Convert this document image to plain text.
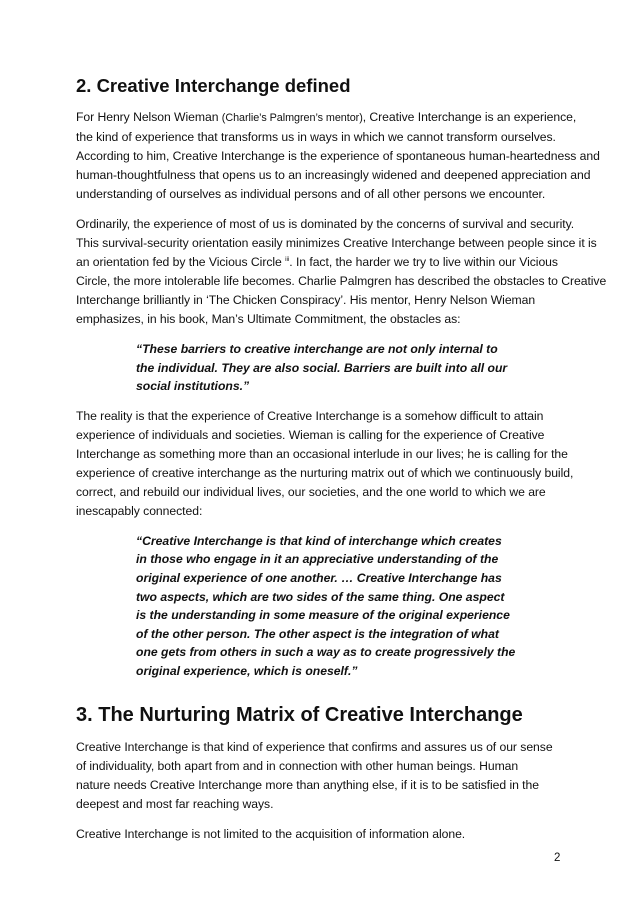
2. Creative Interchange defined

For Henry Nelson Wieman (Charlie’s Palmgren’s mentor), Creative Interchange is an experience,
the kind of experience that transforms us in ways in which we cannot transform ourselves.
According to him, Creative Interchange is the experience of spontaneous human-heartedness and
human-thoughtfulness that opens us to an increasingly widened and deepened appreciation and
understanding of ourselves as individual persons and of all other persons we encounter.

Ordinarily, the experience of most of us is dominated by the concerns of survival and security.
This survival-security orientation easily minimizes Creative Interchange between people since it is
an orientation fed by the Vicious Circle $^{iii}$. In fact, the harder we try to live within our Vicious
Circle, the more intolerable life becomes. Charlie Palmgren has described the obstacles to Creative
Interchange brilliantly in ‘The Chicken Conspiracy’. His mentor, Henry Nelson Wieman
emphasizes, in his book, Man’s Ultimate Commitment, the obstacles as:

“These barriers to creative interchange are not only internal to
the individual. They are also social. Barriers are built into all our
social institutions.”

The reality is that the experience of Creative Interchange is a somehow difficult to attain
experience of individuals and societies. Wieman is calling for the experience of Creative
Interchange as something more than an occasional interlude in our lives; he is calling for the
experience of creative interchange as the nurturing matrix out of which we continuously build,
correct, and rebuild our individual lives, our societies, and the one world to which we are
inescapably connected:

“Creative Interchange is that kind of interchange which creates
in those who engage in it an appreciative understanding of the
original experience of one another. … Creative Interchange has
two aspects, which are two sides of the same thing. One aspect
is the understanding in some measure of the original experience
of the other person. The other aspect is the integration of what
one gets from others in such a way as to create progressively the
original experience, which is oneself.”
3. The Nurturing Matrix of Creative Interchange

Creative Interchange is that kind of experience that confirms and assures us of our sense
of individuality, both apart from and in connection with other human beings. Human
nature needs Creative Interchange more than anything else, if it is to be satisfied in the
deepest and most far reaching ways.

Creative Interchange is not limited to the acquisition of information alone.

2
